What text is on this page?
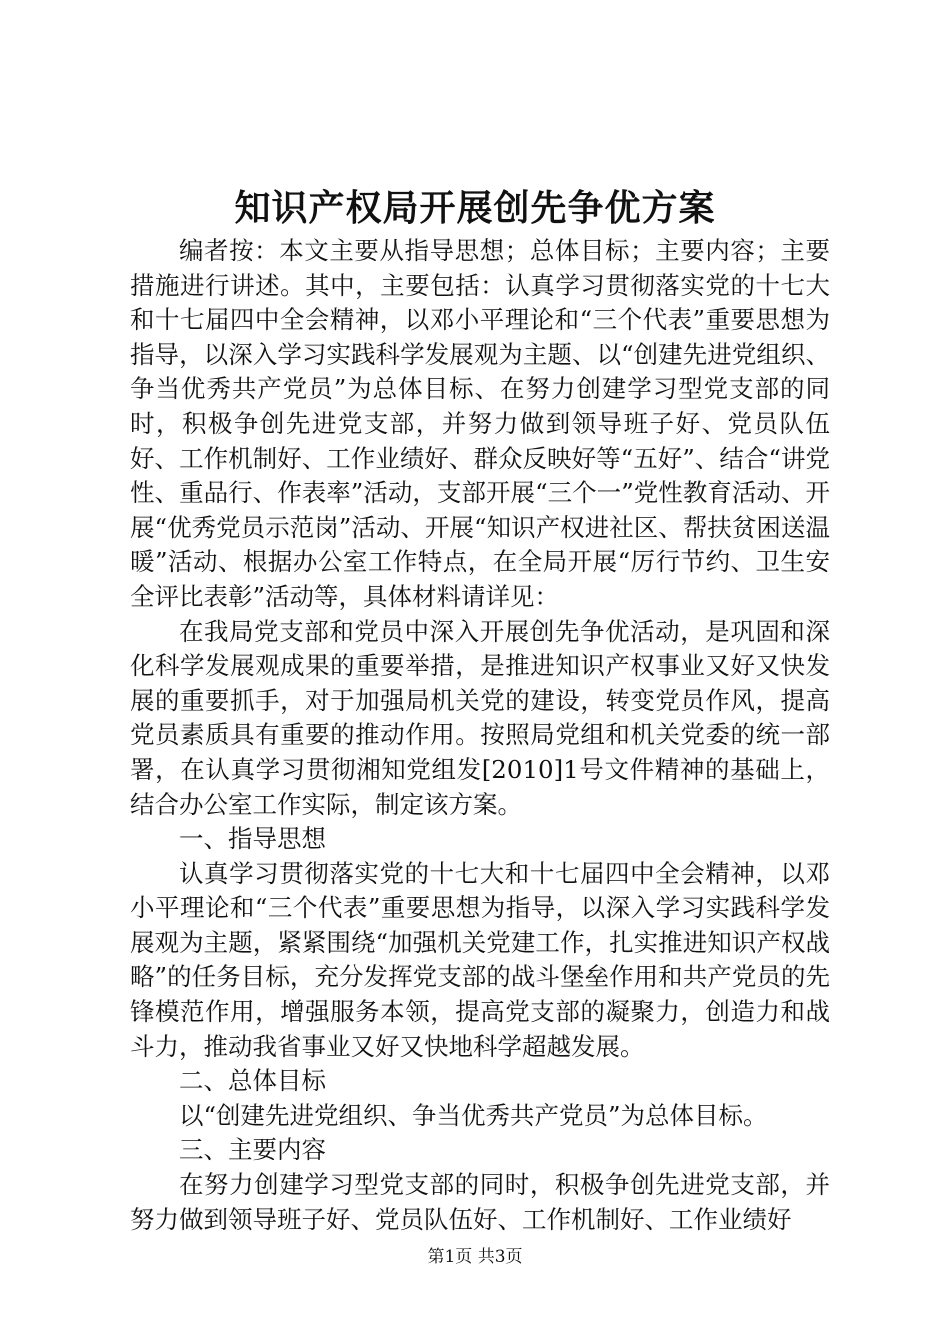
知识产权局开展创先争优方案

编者按：本文主要从指导思想；总体目标；主要内容；主要措施进行讲述。其中，主要包括：认真学习贯彻落实党的十七大和十七届四中全会精神，以邓小平理论和“三个代表”重要思想为指导，以深入学习实践科学发展观为主题、以“创建先进党组织、争当优秀共产党员”为总体目标、在努力创建学习型党支部的同时，积极争创先进党支部，并努力做到领导班子好、党员队伍好、工作机制好、工作业绩好、群众反映好等“五好”、结合“讲党性、重品行、作表率”活动，支部开展“三个一”党性教育活动、开展“优秀党员示范岗”活动、开展“知识产权进社区、帮扶贫困送温暖”活动、根据办公室工作特点，在全局开展“厉行节约、卫生安全评比表彰”活动等，具体材料请详见：

在我局党支部和党员中深入开展创先争优活动，是巩固和深化科学发展观成果的重要举措，是推进知识产权事业又好又快发展的重要抓手，对于加强局机关党的建设，转变党员作风，提高党员素质具有重要的推动作用。按照局党组和机关党委的统一部署，在认真学习贯彻湘知党组发[2010]1号文件精神的基础上，结合办公室工作实际，制定该方案。

一、指导思想

认真学习贯彻落实党的十七大和十七届四中全会精神，以邓小平理论和“三个代表”重要思想为指导，以深入学习实践科学发展观为主题，紧紧围绕“加强机关党建工作，扎实推进知识产权战略”的任务目标，充分发挥党支部的战斗堡垒作用和共产党员的先锋模范作用，增强服务本领，提高党支部的凝聚力，创造力和战斗力，推动我省事业又好又快地科学超越发展。

二、总体目标

以“创建先进党组织、争当优秀共产党员”为总体目标。

三、主要内容

在努力创建学习型党支部的同时，积极争创先进党支部，并努力做到领导班子好、党员队伍好、工作机制好、工作业绩好

第1页 共3页
